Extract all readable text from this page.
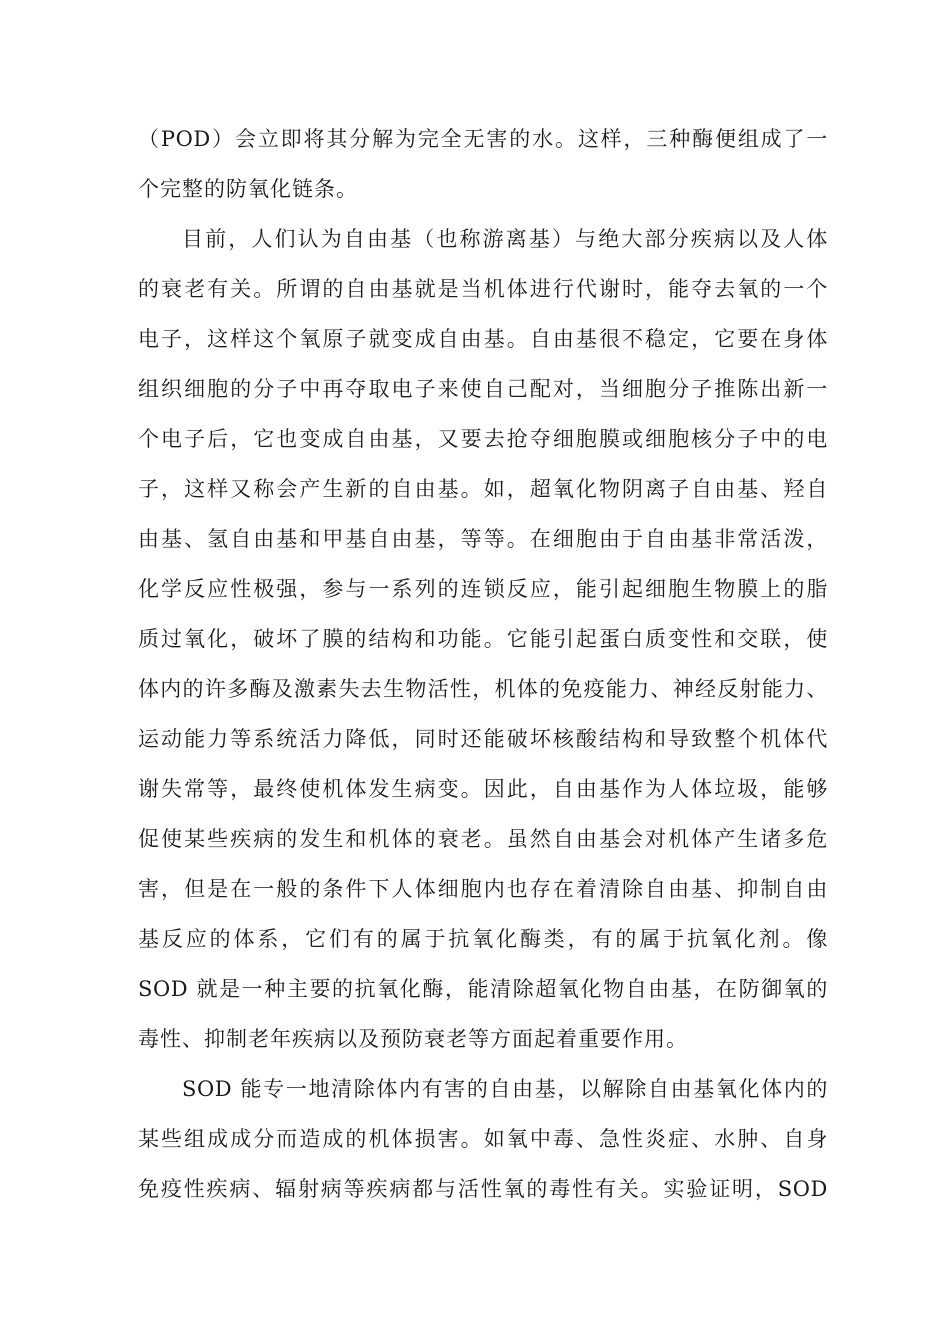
（POD）会立即将其分解为完全无害的水。这样，三种酶便组成了一
个完整的防氧化链条。
目前，人们认为自由基（也称游离基）与绝大部分疾病以及人体
的衰老有关。所谓的自由基就是当机体进行代谢时，能夺去氧的一个
电子，这样这个氧原子就变成自由基。自由基很不稳定，它要在身体
组织细胞的分子中再夺取电子来使自己配对，当细胞分子推陈出新一
个电子后，它也变成自由基，又要去抢夺细胞膜或细胞核分子中的电
子，这样又称会产生新的自由基。如，超氧化物阴离子自由基、羟自
由基、氢自由基和甲基自由基，等等。在细胞由于自由基非常活泼，
化学反应性极强，参与一系列的连锁反应，能引起细胞生物膜上的脂
质过氧化，破坏了膜的结构和功能。它能引起蛋白质变性和交联，使
体内的许多酶及激素失去生物活性，机体的免疫能力、神经反射能力、
运动能力等系统活力降低，同时还能破坏核酸结构和导致整个机体代
谢失常等，最终使机体发生病变。因此，自由基作为人体垃圾，能够
促使某些疾病的发生和机体的衰老。虽然自由基会对机体产生诸多危
害，但是在一般的条件下人体细胞内也存在着清除自由基、抑制自由
基反应的体系，它们有的属于抗氧化酶类，有的属于抗氧化剂。像
SOD 就是一种主要的抗氧化酶，能清除超氧化物自由基，在防御氧的
毒性、抑制老年疾病以及预防衰老等方面起着重要作用。
SOD 能专一地清除体内有害的自由基，以解除自由基氧化体内的
某些组成成分而造成的机体损害。如氧中毒、急性炎症、水肿、自身
免疫性疾病、辐射病等疾病都与活性氧的毒性有关。实验证明，SOD
